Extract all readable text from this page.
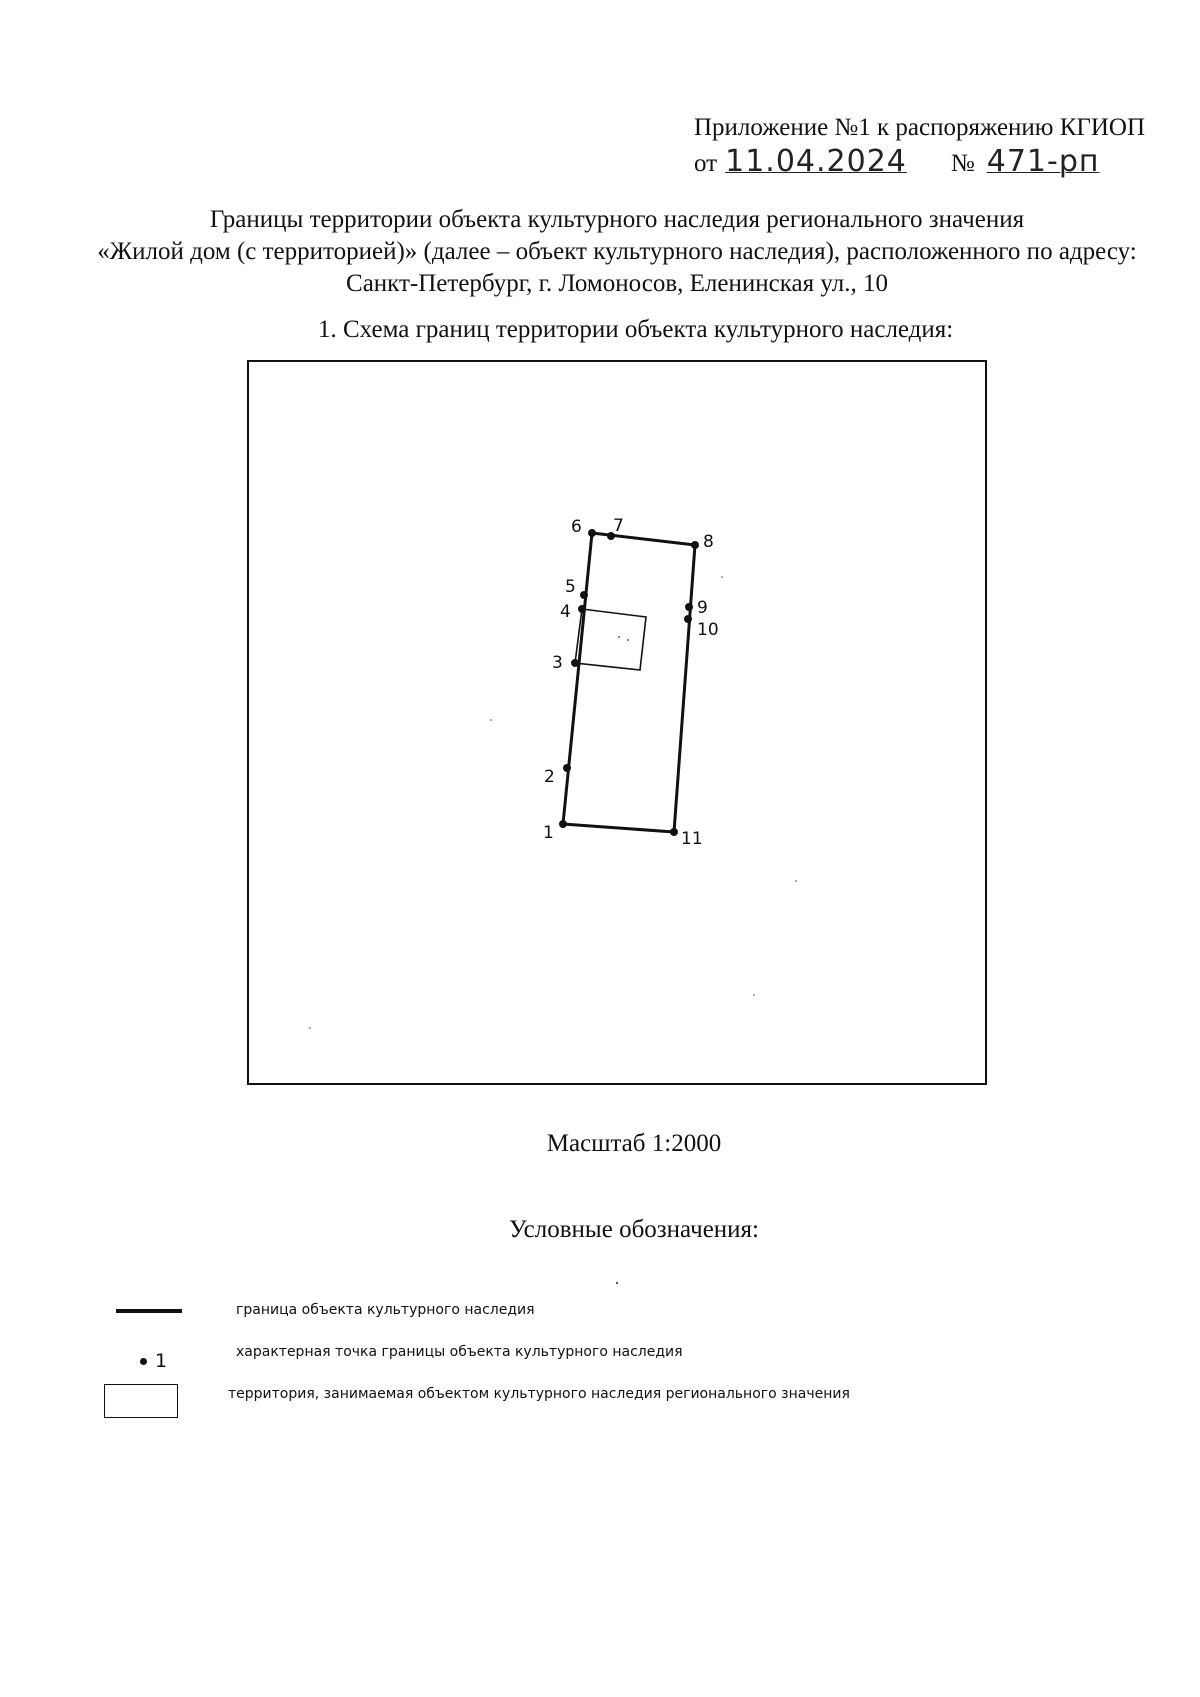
Приложение №1 к распоряжению КГИОП
от 11.04.2024 № 471-рп
Границы территории объекта культурного наследия регионального значения
«Жилой дом (с территорией)» (далее – объект культурного наследия), расположенного по адресу:
Санкт-Петербург, г. Ломоносов, Еленинская ул., 10
1. Схема границ территории объекта культурного наследия:
1
2
3
4
5
6 7
8
9
10
11
Масштаб 1:2000
Условные обозначения:
граница объекта культурного наследия
1	характерная точка границы объекта культурного наследия
территория, занимаемая объектом культурного наследия регионального значения
